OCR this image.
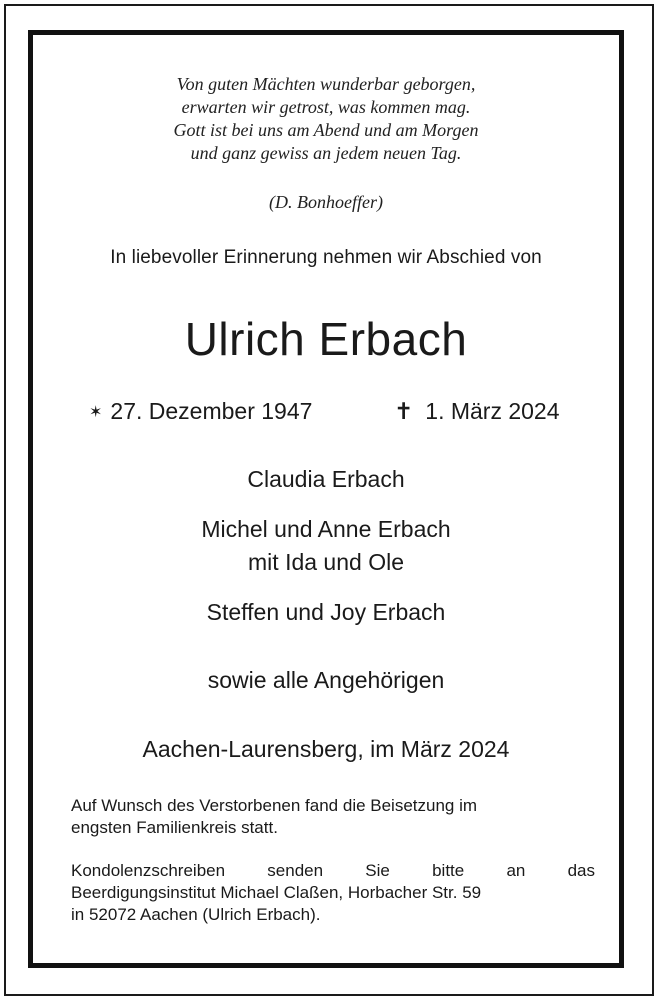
Von guten Mächten wunderbar geborgen,
erwarten wir getrost, was kommen mag.
Gott ist bei uns am Abend und am Morgen
und ganz gewiss an jedem neuen Tag.
(D. Bonhoeffer)
In liebevoller Erinnerung nehmen wir Abschied von
Ulrich Erbach
✶ 27. Dezember 1947	✝ 1. März 2024
Claudia Erbach
Michel und Anne Erbach
mit Ida und Ole
Steffen und Joy Erbach
sowie alle Angehörigen
Aachen-Laurensberg, im März 2024
Auf Wunsch des Verstorbenen fand die Beisetzung im
engsten Familienkreis statt.
Kondolenzschreiben senden Sie bitte an das
Beerdigungsinstitut Michael Claßen, Horbacher Str. 59
in 52072 Aachen (Ulrich Erbach).
